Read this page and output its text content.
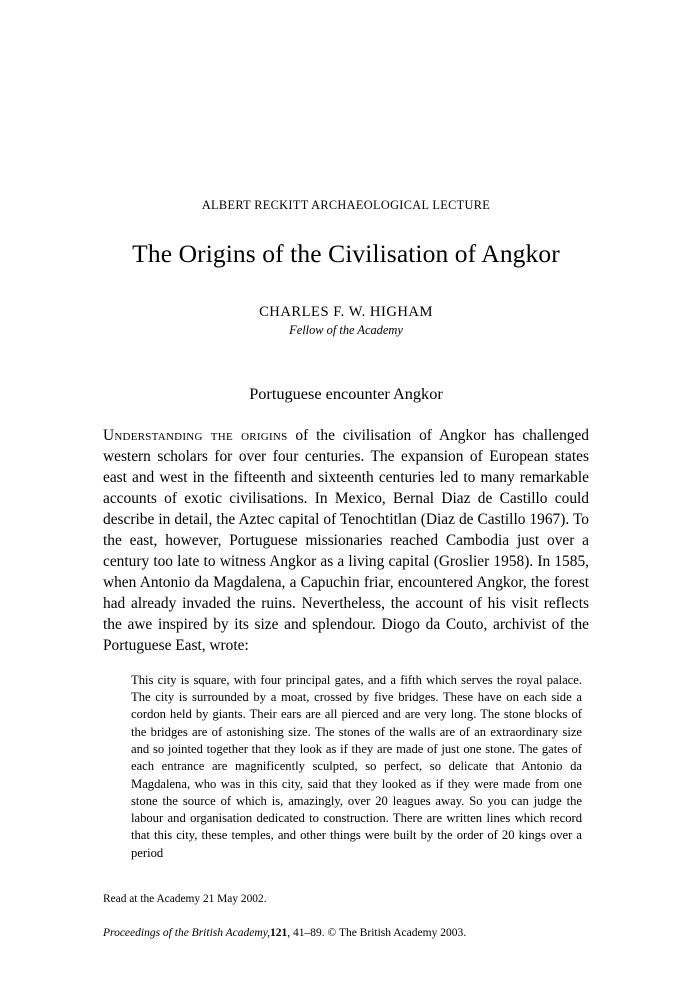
ALBERT RECKITT ARCHAEOLOGICAL LECTURE
The Origins of the Civilisation of Angkor
CHARLES F. W. HIGHAM
Fellow of the Academy
Portuguese encounter Angkor

Understanding the origins of the civilisation of Angkor has challenged western scholars for over four centuries. The expansion of European states east and west in the fifteenth and sixteenth centuries led to many remarkable accounts of exotic civilisations. In Mexico, Bernal Diaz de Castillo could describe in detail, the Aztec capital of Tenochtitlan (Diaz de Castillo 1967). To the east, however, Portuguese missionaries reached Cambodia just over a century too late to witness Angkor as a living capital (Groslier 1958). In 1585, when Antonio da Magdalena, a Capuchin friar, encountered Angkor, the forest had already invaded the ruins. Nevertheless, the account of his visit reflects the awe inspired by its size and splendour. Diogo da Couto, archivist of the Portuguese East, wrote:

This city is square, with four principal gates, and a fifth which serves the royal palace. The city is surrounded by a moat, crossed by five bridges. These have on each side a cordon held by giants. Their ears are all pierced and are very long. The stone blocks of the bridges are of astonishing size. The stones of the walls are of an extraordinary size and so jointed together that they look as if they are made of just one stone. The gates of each entrance are magnificently sculpted, so perfect, so delicate that Antonio da Magdalena, who was in this city, said that they looked as if they were made from one stone the source of which is, amazingly, over 20 leagues away. So you can judge the labour and organisation dedicated to construction. There are written lines which record that this city, these temples, and other things were built by the order of 20 kings over a period
Read at the Academy 21 May 2002.
Proceedings of the British Academy,121, 41–89. © The British Academy 2003.
